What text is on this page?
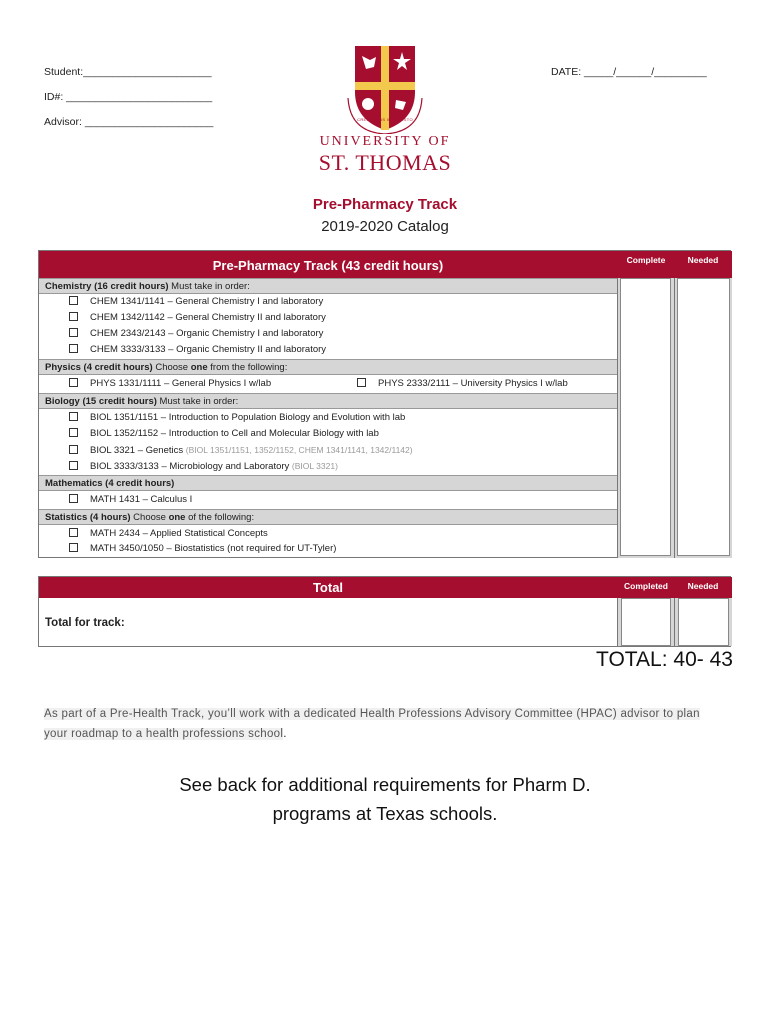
Student:______________________	DATE: _____/______/_________
ID#: _________________________
Advisor: ______________________	CRESCAMUS IN CHRISTO
UNIVERSITY OF
ST. THOMAS
Pre-Pharmacy Track
2019-2020 Catalog
Pre-Pharmacy Track (43 credit hours)	Complete	Needed
Chemistry (16 credit hours) Must take in order:
CHEM 1341/1141 – General Chemistry I and laboratory
CHEM 1342/1142 – General Chemistry II and laboratory
CHEM 2343/2143 – Organic Chemistry I and laboratory
CHEM 3333/3133 – Organic Chemistry II and laboratory
Physics (4 credit hours) Choose one from the following:
PHYS 1331/1111 – General Physics I w/lab	PHYS 2333/2111 – University Physics I w/lab
Biology (15 credit hours) Must take in order:
BIOL 1351/1151 – Introduction to Population Biology and Evolution with lab
BIOL 1352/1152 – Introduction to Cell and Molecular Biology with lab
BIOL 3321 – Genetics (BIOL 1351/1151, 1352/1152, CHEM 1341/1141, 1342/1142)
BIOL 3333/3133 – Microbiology and Laboratory (BIOL 3321)
Mathematics (4 credit hours)
MATH 1431 – Calculus I
Statistics (4 hours) Choose one of the following:
MATH 2434 – Applied Statistical Concepts
MATH 3450/1050 – Biostatistics (not required for UT-Tyler)
Total	Completed	Needed
Total for track:
TOTAL: 40- 43
As part of a Pre-Health Track, you’ll work with a dedicated Health Professions Advisory Committee (HPAC) advisor to plan your roadmap to a health professions school.
See back for additional requirements for Pharm D.
programs at Texas schools.
